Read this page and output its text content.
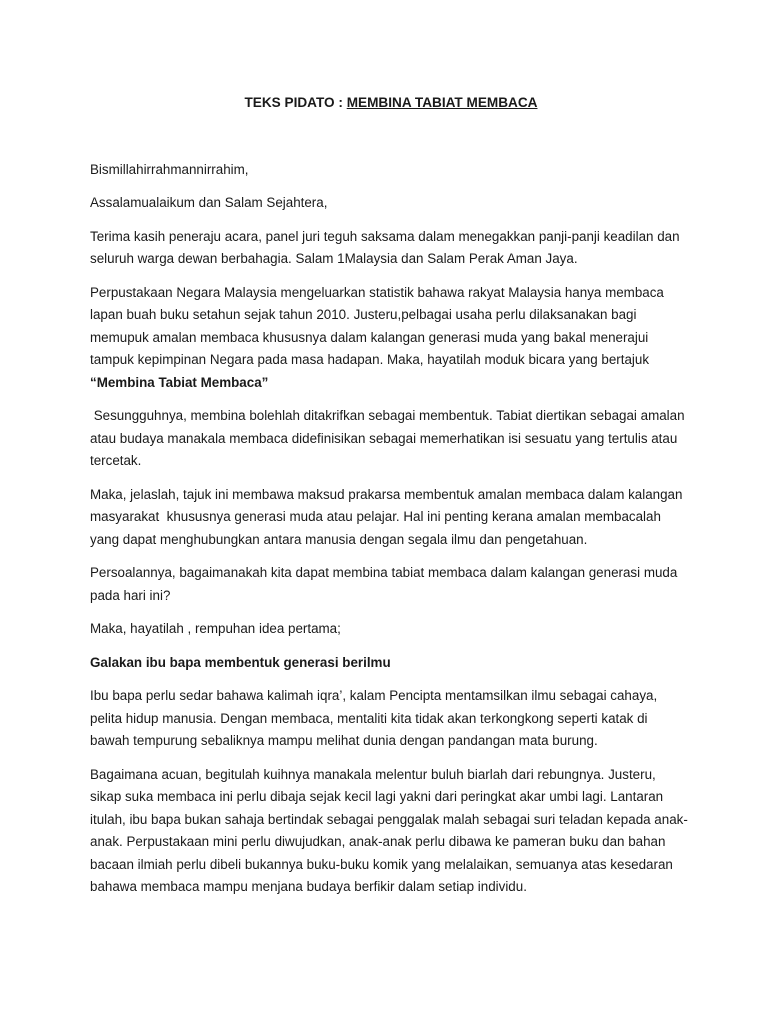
TEKS PIDATO : MEMBINA TABIAT MEMBACA

Bismillahirrahmannirrahim,

Assalamualaikum dan Salam Sejahtera,

Terima kasih peneraju acara, panel juri teguh saksama dalam menegakkan panji-panji keadilan dan seluruh warga dewan berbahagia. Salam 1Malaysia dan Salam Perak Aman Jaya.

Perpustakaan Negara Malaysia mengeluarkan statistik bahawa rakyat Malaysia hanya membaca lapan buah buku setahun sejak tahun 2010. Justeru,pelbagai usaha perlu dilaksanakan bagi memupuk amalan membaca khususnya dalam kalangan generasi muda yang bakal menerajui tampuk kepimpinan Negara pada masa hadapan. Maka, hayatilah moduk bicara yang bertajuk
“Membina Tabiat Membaca”

Sesungguhnya, membina bolehlah ditakrifkan sebagai membentuk. Tabiat diertikan sebagai amalan atau budaya manakala membaca didefinisikan sebagai memerhatikan isi sesuatu yang tertulis atau tercetak.

Maka, jelaslah, tajuk ini membawa maksud prakarsa membentuk amalan membaca dalam kalangan masyarakat  khususnya generasi muda atau pelajar. Hal ini penting kerana amalan membacalah yang dapat menghubungkan antara manusia dengan segala ilmu dan pengetahuan.

Persoalannya, bagaimanakah kita dapat membina tabiat membaca dalam kalangan generasi muda pada hari ini?

Maka, hayatilah , rempuhan idea pertama;

Galakan ibu bapa membentuk generasi berilmu

Ibu bapa perlu sedar bahawa kalimah iqra’, kalam Pencipta mentamsilkan ilmu sebagai cahaya, pelita hidup manusia. Dengan membaca, mentaliti kita tidak akan terkongkong seperti katak di bawah tempurung sebaliknya mampu melihat dunia dengan pandangan mata burung.

Bagaimana acuan, begitulah kuihnya manakala melentur buluh biarlah dari rebungnya. Justeru, sikap suka membaca ini perlu dibaja sejak kecil lagi yakni dari peringkat akar umbi lagi. Lantaran itulah, ibu bapa bukan sahaja bertindak sebagai penggalak malah sebagai suri teladan kepada anak-anak. Perpustakaan mini perlu diwujudkan, anak-anak perlu dibawa ke pameran buku dan bahan bacaan ilmiah perlu dibeli bukannya buku-buku komik yang melalaikan, semuanya atas kesedaran bahawa membaca mampu menjana budaya berfikir dalam setiap individu.
